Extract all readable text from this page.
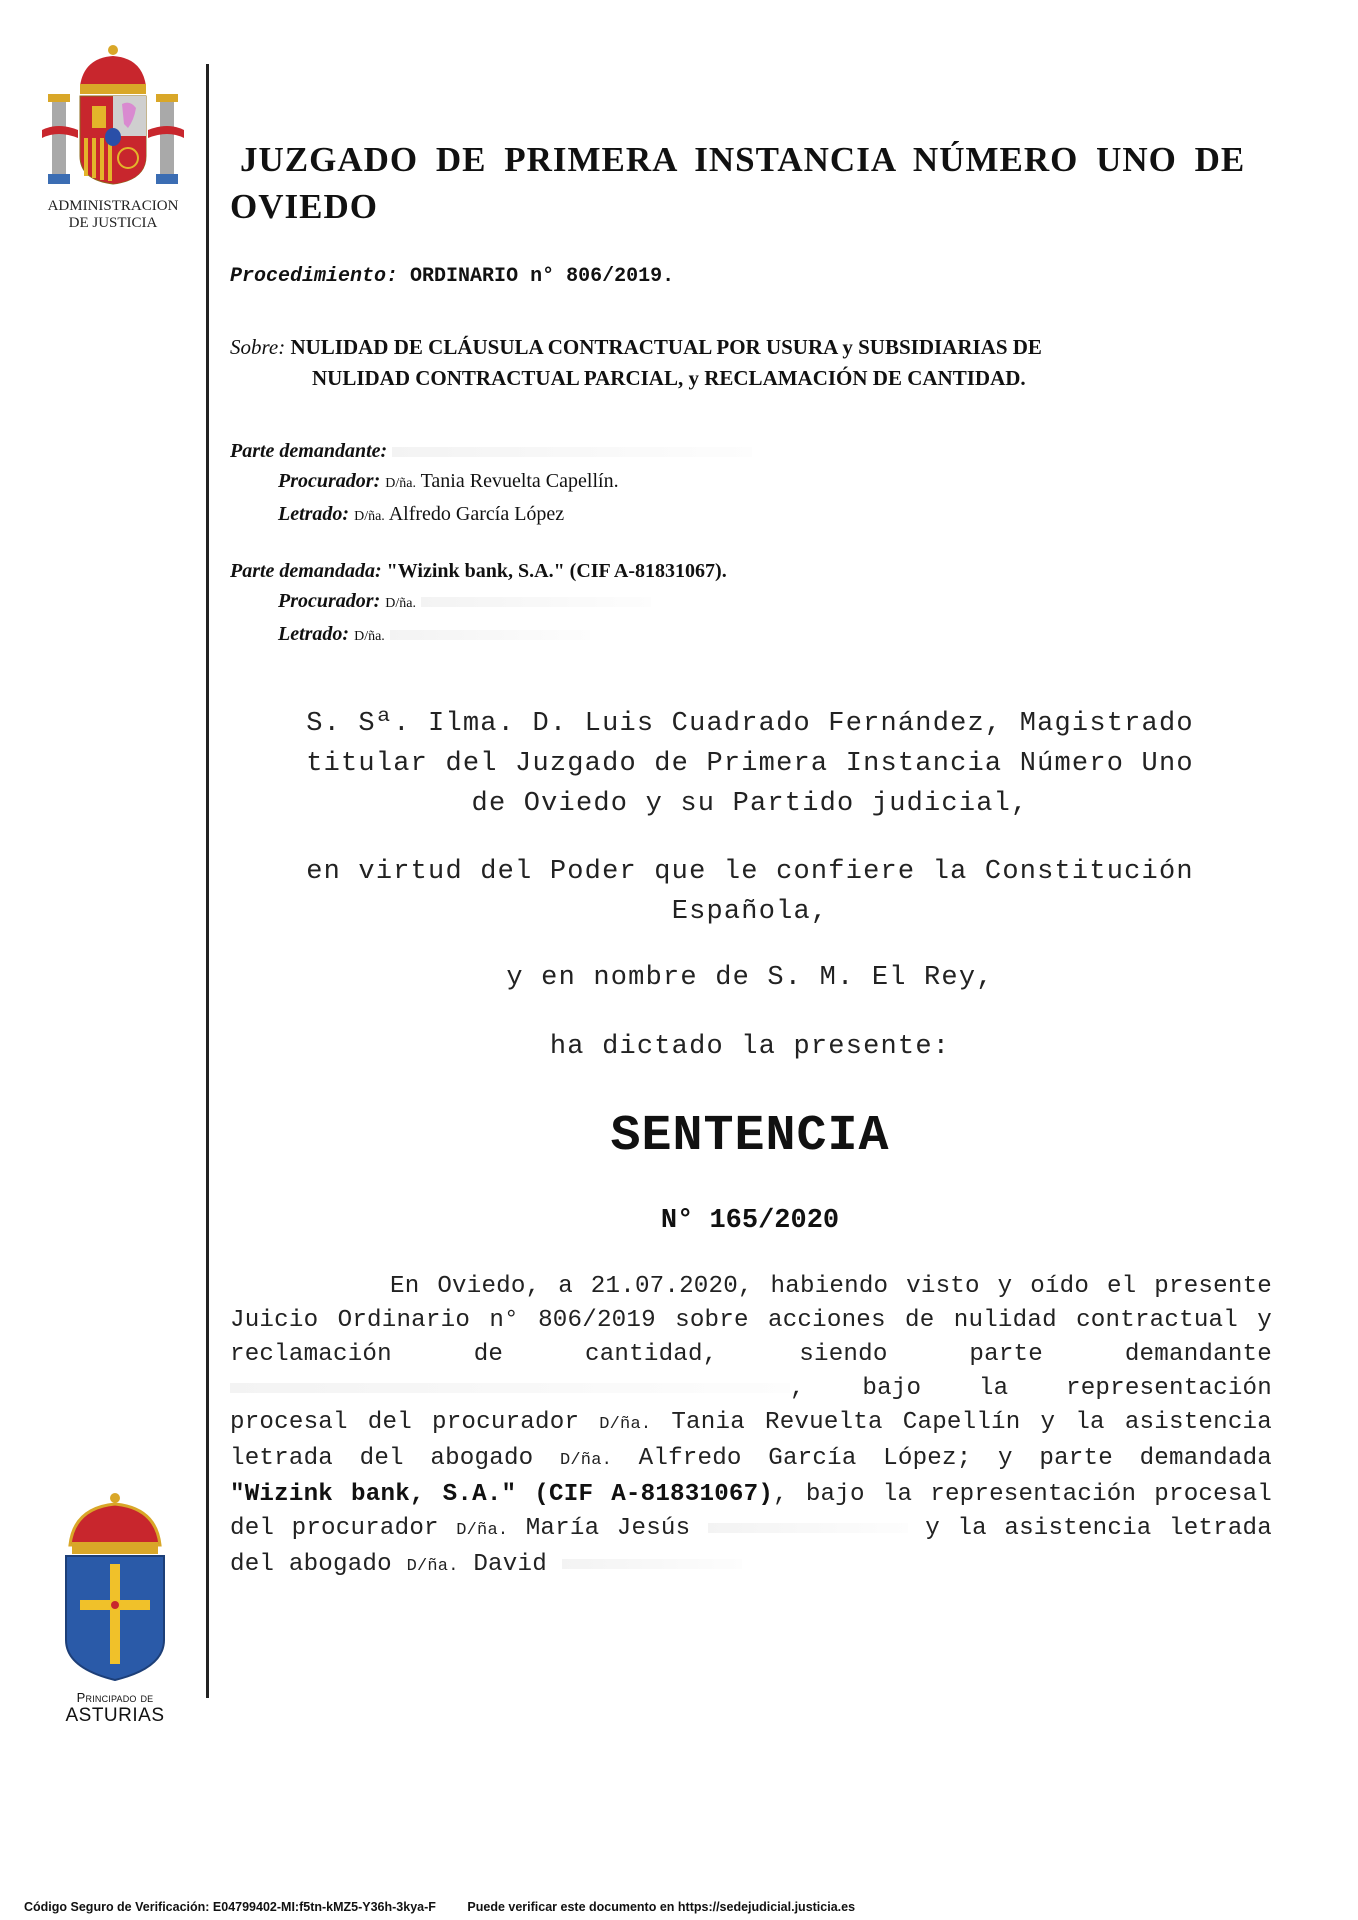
ADMINISTRACION
DE JUSTICIA
JUZGADO DE PRIMERA INSTANCIA NÚMERO UNO DE
OVIEDO
Procedimiento: ORDINARIO n° 806/2019.
Sobre: NULIDAD DE CLÁUSULA CONTRACTUAL POR USURA y SUBSIDIARIAS DE
NULIDAD CONTRACTUAL PARCIAL, y RECLAMACIÓN DE CANTIDAD.
Parte demandante:
Procurador: D/ña. Tania Revuelta Capellín.
Letrado: D/ña. Alfredo García López
Parte demandada: "Wizink bank, S.A." (CIF A-81831067).
Procurador: D/ña.
Letrado: D/ña.
S. Sª. Ilma. D. Luis Cuadrado Fernández, Magistrado
titular del Juzgado de Primera Instancia Número Uno
de Oviedo y su Partido judicial,
en virtud del Poder que le confiere la Constitución
Española,
y en nombre de S. M. El Rey,
ha dictado la presente:
SENTENCIA
N° 165/2020

En Oviedo, a 21.07.2020, habiendo visto y oído el presente Juicio Ordinario n° 806/2019 sobre acciones de nulidad contractual y reclamación de cantidad, siendo parte demandante , bajo la representación procesal del procurador D/ña. Tania Revuelta Capellín y la asistencia letrada del abogado D/ña. Alfredo García López; y parte demandada "Wizink bank, S.A." (CIF A-81831067), bajo la representación procesal del procurador D/ña. María Jesús	y la asistencia letrada del abogado D/ña. David

Principado de
ASTURIAS
Código Seguro de Verificación: E04799402-MI:f5tn-kMZ5-Y36h-3kya-F	Puede verificar este documento en https://sedejudicial.justicia.es
